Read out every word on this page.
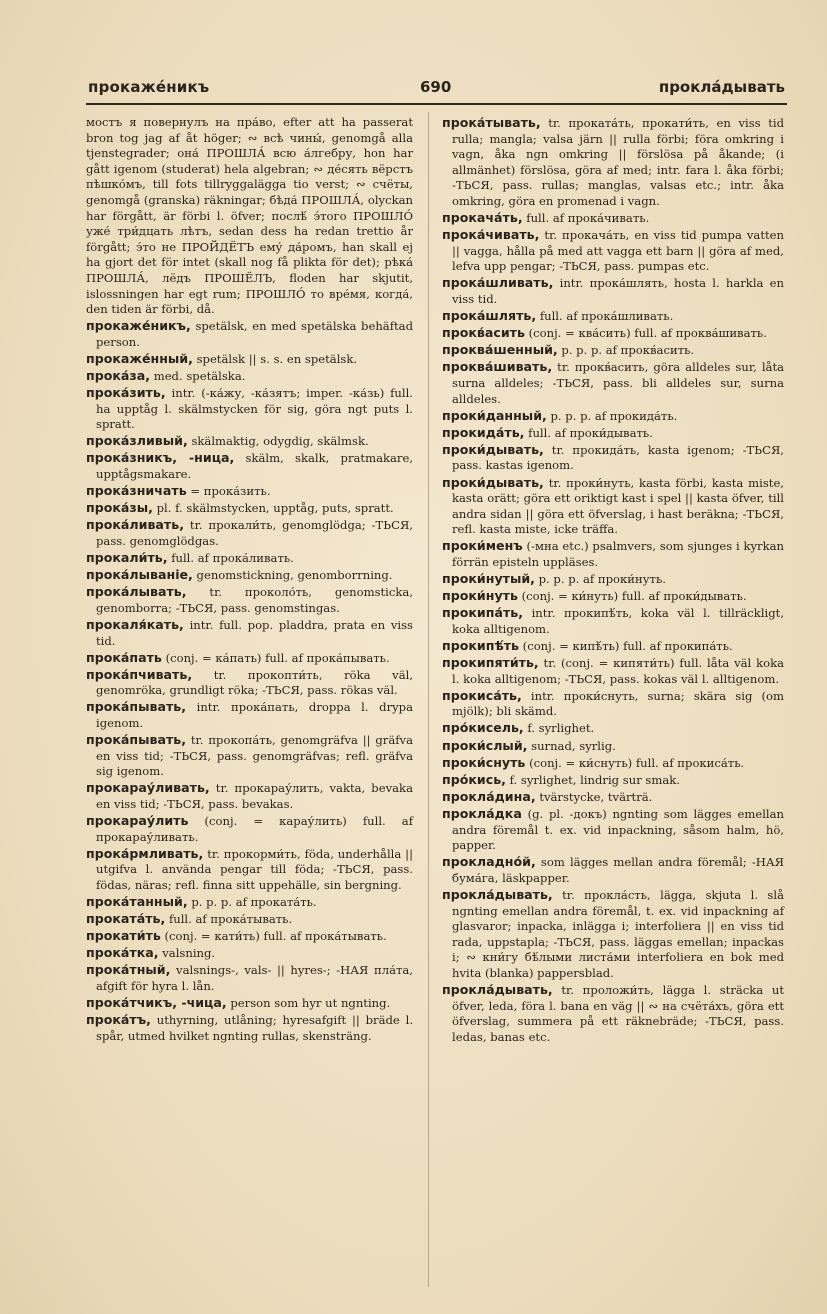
прокаже́никъ	690	прокла́дывать

мостъ я повернулъ на пра́во, efter att ha passerat bron tog jag af åt höger; ∾ всѣ чины́, genomgå alla tjenstegrader; она́ ПРОШЛА́ всю а́лгебру, hon har gått igenom (studerat) hela algebran; ∾ де́сять вёрстъ пѣшко́мъ, till fots tillryggalägga tio verst; ∾ счёты, genomgå (granska) räkningar; бѣда́ ПРОШЛА́, olyckan har förgått, är förbi l. öfver; послѣ́ э́того ПРОШЛО́ уже́ три́дцать лѣтъ, sedan dess ha redan trettio år förgått; э́то не ПРОЙДЁТЪ ему́ да́ромъ, han skall ej ha gjort det för intet (skall nog få plikta för det); рѣка́ ПРОШЛА́, лёдъ ПРОШЁЛЪ, floden har skjutit, islossningen har egt rum; ПРОШЛО́ то вре́мя, когда́, den tiden är förbi, då.

прокаже́никъ, spetälsk, en med spetälska behäftad person.

прокаже́нный, spetälsk || s. s. en spetälsk.

прока́за, med. spetälska.

прока́зить, intr. (-ка́жу, -ка́зятъ; imper. -ка́зь) full. ha upptåg l. skälmstycken för sig, göra ngt puts l. spratt.

прока́зливый, skälmaktig, odygdig, skälmsk.

прока́зникъ, -ница, skälm, skalk, pratmakare, upptågsmakare.

прока́зничать = прока́зить.

прока́зы, pl. f. skälmstycken, upptåg, puts, spratt.

прока́ливать, tr. прокали́ть, genomglödga; -ТЬСЯ, pass. genomglödgas.

прокали́ть, full. af прока́ливать.

прока́лыванiе, genomstickning, genomborrning.

прока́лывать, tr. проколо́ть, genomsticka, genomborra; -ТЬСЯ, pass. genomstingas.

прокаля́кать, intr. full. pop. pladdra, prata en viss tid.

прока́пать (conj. = ка́пать) full. af прока́пывать.

прока́пчивать, tr. прокопти́ть, röka väl, genomröka, grundligt röka; -ТЬСЯ, pass. rökas väl.

прока́пывать, intr. прока́пать, droppa l. drypa igenom.

прока́пывать, tr. прокопа́ть, genomgräfva || gräfva en viss tid; -ТЬСЯ, pass. genomgräfvas; refl. gräfva sig igenom.

прокарау́ливать, tr. прокарау́лить, vakta, bevaka en viss tid; -ТЬСЯ, pass. bevakas.

прокарау́лить (conj. = карау́лить) full. af прокарау́ливать.

прока́рмливать, tr. прокорми́ть, föda, underhålla || utgifva l. använda pengar till föda; -ТЬСЯ, pass. födas, näras; refl. finna sitt uppehälle, sin bergning.

прока́танный, p. p. p. af проката́ть.

проката́ть, full. af прока́тывать.

прокати́ть (conj. = кати́ть) full. af прока́тывать.

прока́тка, valsning.

прока́тный, valsnings-, vals- || hyres-; -НАЯ пла́та, afgift för hyra l. lån.

прока́тчикъ, -чица, person som hyr ut ngnting.

прока́тъ, uthyrning, utlåning; hyresafgift || bräde l. spår, utmed hvilket ngnting rullas, skensträng.

прока́тывать, tr. проката́ть, прокати́ть, en viss tid rulla; mangla; valsa järn || rulla förbi; föra omkring i vagn, åka ngn omkring || förslösa på åkande; (i allmänhet) förslösa, göra af med; intr. fara l. åka förbi; -ТЬСЯ, pass. rullas; manglas, valsas etc.; intr. åka omkring, göra en promenad i vagn.

прокача́ть, full. af прока́чивать.

прока́чивать, tr. прокача́ть, en viss tid pumpa vatten || vagga, hålla på med att vagga ett barn || göra af med, lefva upp pengar; -ТЬСЯ, pass. pumpas etc.

прока́шливать, intr. прока́шлять, hosta l. harkla en viss tid.

прока́шлять, full. af прока́шливать.

прокв́асить (conj. = ква́сить) full. af проква́шивать.

проква́шенный, p. p. p. af прокв́асить.

проква́шивать, tr. прокв́асить, göra alldeles sur, låta surna alldeles; -ТЬСЯ, pass. bli alldeles sur, surna alldeles.

проки́данный, p. p. p. af прокида́ть.

прокида́ть, full. af проки́дывать.

проки́дывать, tr. прокида́ть, kasta igenom; -ТЬСЯ, pass. kastas igenom.

проки́дывать, tr. проки́нуть, kasta förbi, kasta miste, kasta orätt; göra ett oriktigt kast i spel || kasta öfver, till andra sidan || göra ett öfverslag, i hast beräkna; -ТЬСЯ, refl. kasta miste, icke träffa.

проки́менъ (-мна etc.) psalmvers, som sjunges i kyrkan förrän episteln uppläses.

проки́нутый, p. p. p. af проки́нуть.

проки́нуть (conj. = ки́нуть) full. af проки́дывать.

прокипа́ть, intr. прокипѣ́ть, koka väl l. tillräckligt, koka alltigenom.

прокипѣ́ть (conj. = кипѣ́ть) full. af прокипа́ть.

прокипяти́ть, tr. (conj. = кипяти́ть) full. låta väl koka l. koka alltigenom; -ТЬСЯ, pass. kokas väl l. alltigenom.

прокиса́ть, intr. проки́снуть, surna; skära sig (om mjölk); bli skämd.

про́кисель, f. syrlighet.

проки́слый, surnad, syrlig.

проки́снуть (conj. = ки́снуть) full. af прокиса́ть.

про́кись, f. syrlighet, lindrig sur smak.

прокла́дина, tvärstycke, tvärträ.

прокла́дка (g. pl. -докъ) ngnting som lägges emellan andra föremål t. ex. vid inpackning, såsom halm, hö, papper.

прокладно́й, som lägges mellan andra föremål; -НАЯ бума́га, läskpapper.

прокла́дывать, tr. прокла́сть, lägga, skjuta l. slå ngnting emellan andra föremål, t. ex. vid inpackning af glasvaror; inpacka, inlägga i; interfoliera || en viss tid rada, uppstapla; -ТЬСЯ, pass. läggas emellan; inpackas i; ∾ кни́гу бѣ́лыми листа́ми interfoliera en bok med hvita (blanka) pappersblad.

прокла́дывать, tr. проложи́ть, lägga l. sträcka ut öfver, leda, föra l. bana en väg || ∾ на счёта́хъ, göra ett öfverslag, summera på ett räknebräde; -ТЬСЯ, pass. ledas, banas etc.
